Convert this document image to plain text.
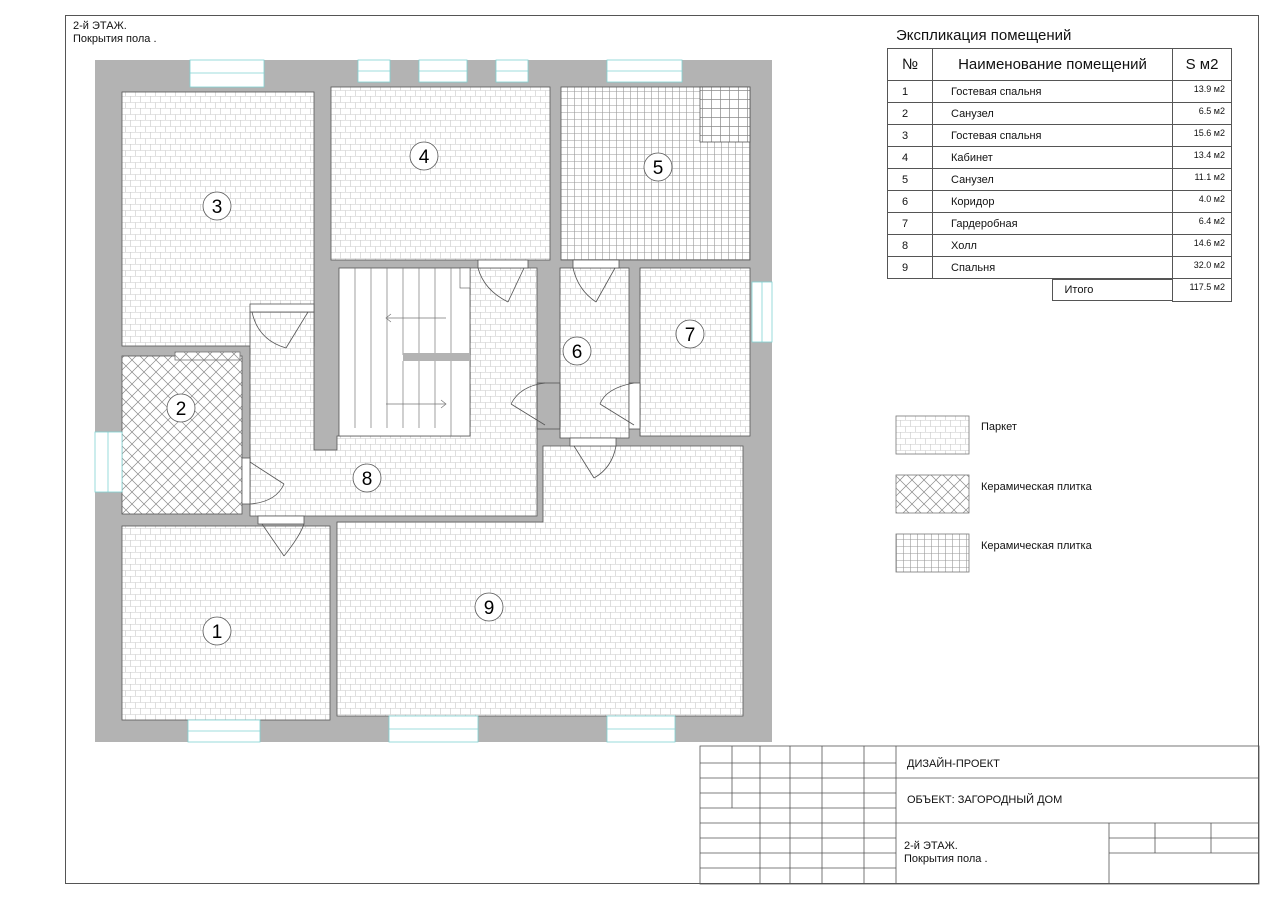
2-й ЭТАЖ.
Покрытия пола .
1
2
3
4
5
6
7
8
9
Экспликация помещений
№	Наименование помещений	S м2
1	Гостевая спальня	13.9 м2
2	Санузел	6.5 м2
3	Гостевая спальня	15.6 м2
4	Кабинет	13.4 м2
5	Санузел	11.1 м2
6	Коридор	4.0 м2
7	Гардеробная	6.4 м2
8	Холл	14.6 м2
9	Спальня	32.0 м2

	Итого	117.5 м2
Паркет
Керамическая плитка
Керамическая плитка
ДИЗАЙН-ПРОЕКТ
ОБЪЕКТ: ЗАГОРОДНЫЙ ДОМ
2-й ЭТАЖ.
Покрытия пола .
